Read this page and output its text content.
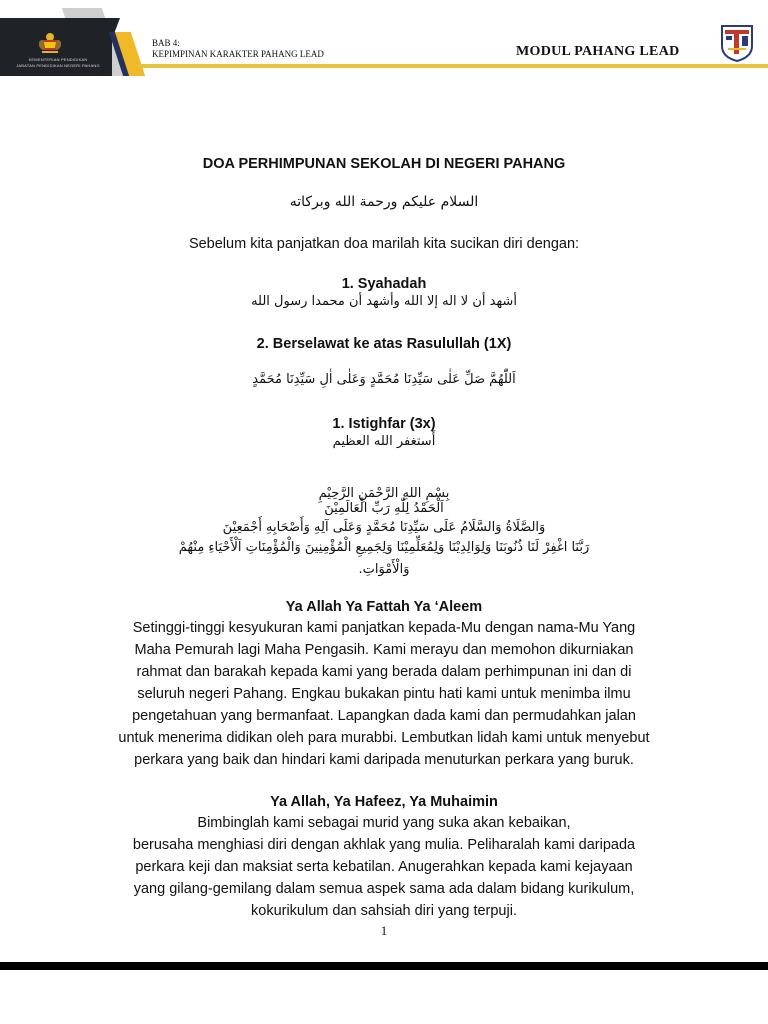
KEMENTERIAN PENDIDIKAN
JABATAN PENDIDIKAN NEGERI PAHANG
BAB 4:
KEPIMPINAN KARAKTER PAHANG LEAD	MODUL PAHANG LEAD
DOA PERHIMPUNAN SEKOLAH DI NEGERI PAHANG
السلام عليكم ورحمة الله وبركاته
Sebelum kita panjatkan doa marilah kita sucikan diri dengan:
1. Syahadah
أشهد أن لا اله إلا الله وأشهد أن محمدا رسول الله
2. Berselawat ke atas Rasulullah (1X)
اَللّٰهُمَّ صَلِّ عَلٰى سَيِّدِنَا مُحَمَّدٍ وَعَلٰى اٰلِ سَيِّدِنَا مُحَمَّدٍ
1. Istighfar (3x)
أَستغفر الله العظيم
بِسْمِ اللهِ الرَّحْمَنِ الرَّحِيْمِ
اَلْحَمْدُ لِلّٰهِ رَبِّ الْعَالَمِيْنَ
وَالصَّلَاةُ وَالسَّلَامُ عَلَى سَيِّدِنَا مُحَمَّدٍ وَعَلَى آلِهِ وَأَصْحَابِهِ أَجْمَعِيْنَ
رَبَّنَا اغْفِرْ لَنَا ذُنُوبَنَا وَلِوَالِدِيْنَا وَلِمُعَلِّمِيْنَا وَلِجَمِيعِ الْمُؤْمِنِينَ وَالْمُؤْمِنَاتِ اَلْأَحْيَاءِ مِنْهُمْ
وَالْأَمْوَاتِ.
Ya Allah Ya Fattah Ya ‘Aleem
Setinggi-tinggi kesyukuran kami panjatkan kepada-Mu dengan nama-Mu Yang
Maha Pemurah lagi Maha Pengasih. Kami merayu dan memohon dikurniakan
rahmat dan barakah kepada kami yang berada dalam perhimpunan ini dan di
seluruh negeri Pahang. Engkau bukakan pintu hati kami untuk menimba ilmu
pengetahuan yang bermanfaat. Lapangkan dada kami dan permudahkan jalan
untuk menerima didikan oleh para murabbi. Lembutkan lidah kami untuk menyebut
perkara yang baik dan hindari kami daripada menuturkan perkara yang buruk.
Ya Allah, Ya Hafeez, Ya Muhaimin
Bimbinglah kami sebagai murid yang suka akan kebaikan,
berusaha menghiasi diri dengan akhlak yang mulia. Peliharalah kami daripada
perkara keji dan maksiat serta kebatilan. Anugerahkan kepada kami kejayaan
yang gilang-gemilang dalam semua aspek sama ada dalam bidang kurikulum,
kokurikulum dan sahsiah diri yang terpuji.
1
